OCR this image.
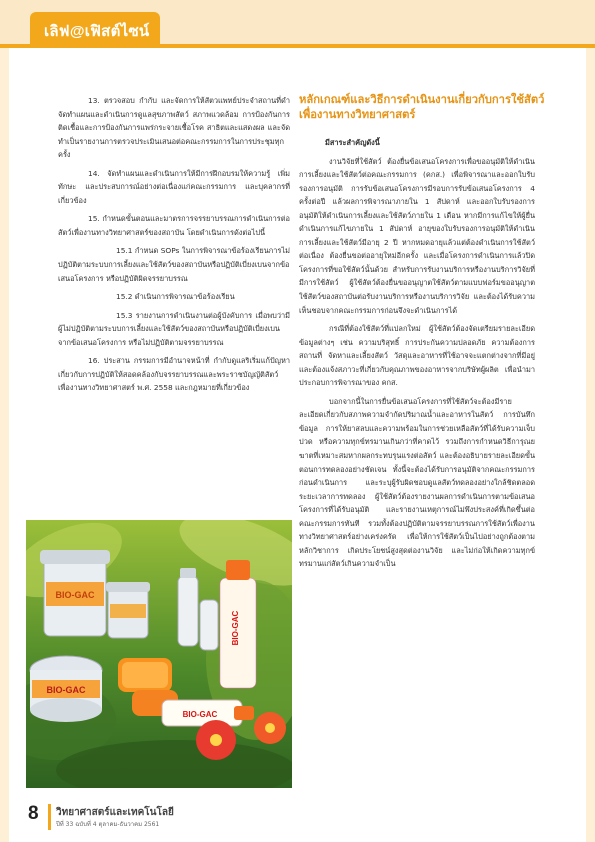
เลิฟ@เฟิสต์ไซน์

13. ตรวจสอบ กำกับ และจัดการให้สัตวแพทย์ประจำสถานที่ดำ จัดทำแผนและดำเนินการดูแลสุขภาพสัตว์ สภาพแวดล้อม การป้องกันการติดเชื้อและการป้องกันการแพร่กระจายเชื้อโรค สาธิตและแสดงผล และจัดทำเป็นรายงานการตรวจประเมินเสนอต่อคณะกรรมการในการประชุมทุกครั้ง

14. จัดทำแผนและดำเนินการให้มีการฝึกอบรมให้ความรู้ เพิ่มทักษะ และประสบการณ์อย่างต่อเนื่องแก่คณะกรรมการ และบุคลากรที่เกี่ยวข้อง

15. กำหนดขั้นตอนและมาตรการจรรยาบรรณการดำเนินการต่อสัตว์เพื่องานทางวิทยาศาสตร์ของสถาบัน โดยดำเนินการดังต่อไปนี้

15.1 กำหนด SOPs ในการพิจารณาข้อร้องเรียนการไม่ปฏิบัติตามระบบการเลี้ยงและใช้สัตว์ของสถาบันหรือปฏิบัติเบี่ยงเบนจากข้อเสนอโครงการ หรือปฏิบัติผิดจรรยาบรรณ

15.2 ดำเนินการพิจารณาข้อร้องเรียน

15.3 รายงานการดำเนินงานต่อผู้บังคับการ เมื่อพบว่ามีผู้ไม่ปฏิบัติตามระบบการเลี้ยงและใช้สัตว์ของสถาบันหรือปฏิบัติเบี่ยงเบนจากข้อเสนอโครงการ หรือไม่ปฏิบัติตามจรรยาบรรณ

16. ประสาน กรรมการมีอำนาจหน้าที่ กำกับดูแลริเริ่มแก้ปัญหาเกี่ยวกับการปฏิบัติให้สอดคล้องกับจรรยาบรรณและพระราชบัญญัติสัตว์เพื่องานทางวิทยาศาสตร์ พ.ศ. 2558 และกฎหมายที่เกี่ยวข้อง

หลักเกณฑ์และวิธีการดำเนินงานเกี่ยวกับการใช้สัตว์เพื่องานทางวิทยาศาสตร์

มีสาระสำคัญดังนี้

งานวิจัยที่ใช้สัตว์ ต้องยื่นข้อเสนอโครงการเพื่อขออนุมัติให้ดำเนินการเลี้ยงและใช้สัตว์ต่อคณะกรรมการ (คกส.) เพื่อพิจารณาและออกใบรับรองการอนุมัติ การรับข้อเสนอโครงการมีรอบการรับข้อเสนอโครงการ 4 ครั้งต่อปี แล้วผลการพิจารณาภายใน 1 สัปดาห์ และออกใบรับรองการอนุมัติให้ดำเนินการเลี้ยงและใช้สัตว์ภายใน 1 เดือน หากมีการแก้ไขให้ผู้ยื่นดำเนินการแก้ไขภายใน 1 สัปดาห์ อายุของใบรับรองการอนุมัติให้ดำเนินการเลี้ยงและใช้สัตว์มีอายุ 2 ปี หากหมดอายุแล้วแต่ต้องดำเนินการใช้สัตว์ต่อเนื่อง ต้องยื่นขอต่ออายุใหม่อีกครั้ง และเมื่อโครงการดำเนินการแล้วปิดโครงการที่ขอใช้สัตว์นั้นด้วย สำหรับการรับงานบริการหรืองานบริการวิจัยที่มีการใช้สัตว์ ผู้ใช้สัตว์ต้องยื่นขออนุญาตใช้สัตว์ตามแบบฟอร์มขออนุญาตใช้สัตว์ของสถาบันต่อรับงานบริการหรืองานบริการวิจัย และต้องได้รับความเห็นชอบจากคณะกรรมการก่อนจึงจะดำเนินการได้

กรณีที่ต้องใช้สัตว์ที่แปลกใหม่ ผู้ใช้สัตว์ต้องจัดเตรียมรายละเอียดข้อมูลต่างๆ เช่น ความบริสุทธิ์ การประกันความปลอดภัย ความต้องการ สถานที่ จัดหาและเลี้ยงสัตว์ วัสดุและอาหารที่ใช้อาจจะแตกต่างจากที่มีอยู่ และต้องแจ้งสภาวะที่เกี่ยวกับคุณภาพของอาหารจากบริษัทผู้ผลิต เพื่อนำมาประกอบการพิจารณาของ คกส.

บอกจากนี้ในการยื่นข้อเสนอโครงการที่ใช้สัตว์จะต้องมีรายละเอียดเกี่ยวกับสภาพความจำกัดปริมาณน้ำและอาหารในสัตว์ การบันทึกข้อมูล การให้ยาสลบและความพร้อมในการช่วยเหลือสัตว์ที่ได้รับความเจ็บปวด หรือความทุกข์ทรมานเกินกว่าที่คาดไว้ รวมถึงการกำหนดวิธีการุณยฆาตที่เหมาะสมหากผลกระทบรุนแรงต่อสัตว์ และต้องอธิบายรายละเอียดขั้นตอนการทดลองอย่างชัดเจน ทั้งนี้จะต้องได้รับการอนุมัติจากคณะกรรมการก่อนดำเนินการ และระบุผู้รับผิดชอบดูแลสัตว์ทดลองอย่างใกล้ชิดตลอดระยะเวลาการทดลอง ผู้ใช้สัตว์ต้องรายงานผลการดำเนินการตามข้อเสนอโครงการที่ได้รับอนุมัติ และรายงานเหตุการณ์ไม่พึงประสงค์ที่เกิดขึ้นต่อคณะกรรมการทันที รวมทั้งต้องปฏิบัติตามจรรยาบรรณการใช้สัตว์เพื่องานทางวิทยาศาสตร์อย่างเคร่งครัด เพื่อให้การใช้สัตว์เป็นไปอย่างถูกต้องตามหลักวิชาการ เกิดประโยชน์สูงสุดต่องานวิจัย และไม่ก่อให้เกิดความทุกข์ทรมานแก่สัตว์เกินความจำเป็น

BIO-GAC
BIO-GAC
BIO-GAC
BIO-GAC
8 วิทยาศาสตร์และเทคโนโลยี
ปีที่ 33 ฉบับที่ 4 ตุลาคม-ธันวาคม 2561
